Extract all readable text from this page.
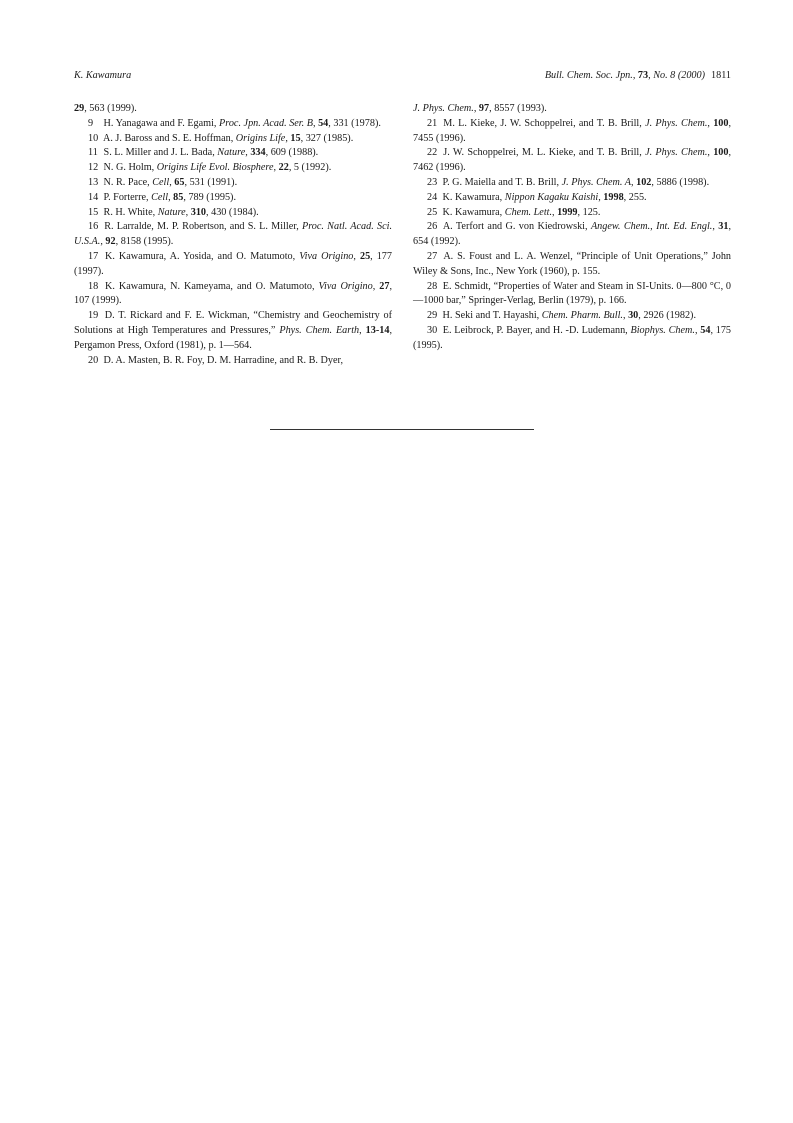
K. Kawamura	Bull. Chem. Soc. Jpn., 73, No. 8 (2000) 1811

29, 563 (1999).

9 H. Yanagawa and F. Egami, Proc. Jpn. Acad. Ser. B, 54, 331 (1978).

10 A. J. Baross and S. E. Hoffman, Origins Life, 15, 327 (1985).

11 S. L. Miller and J. L. Bada, Nature, 334, 609 (1988).

12 N. G. Holm, Origins Life Evol. Biosphere, 22, 5 (1992).

13 N. R. Pace, Cell, 65, 531 (1991).

14 P. Forterre, Cell, 85, 789 (1995).

15 R. H. White, Nature, 310, 430 (1984).

16 R. Larralde, M. P. Robertson, and S. L. Miller, Proc. Natl. Acad. Sci. U.S.A., 92, 8158 (1995).

17 K. Kawamura, A. Yosida, and O. Matumoto, Viva Origino, 25, 177 (1997).

18 K. Kawamura, N. Kameyama, and O. Matumoto, Viva Origino, 27, 107 (1999).

19 D. T. Rickard and F. E. Wickman, “Chemistry and Geochemistry of Solutions at High Temperatures and Pressures,” Phys. Chem. Earth, 13-14, Pergamon Press, Oxford (1981), p. 1—564.

20 D. A. Masten, B. R. Foy, D. M. Harradine, and R. B. Dyer,

J. Phys. Chem., 97, 8557 (1993).

21 M. L. Kieke, J. W. Schoppelrei, and T. B. Brill, J. Phys. Chem., 100, 7455 (1996).

22 J. W. Schoppelrei, M. L. Kieke, and T. B. Brill, J. Phys. Chem., 100, 7462 (1996).

23 P. G. Maiella and T. B. Brill, J. Phys. Chem. A, 102, 5886 (1998).

24 K. Kawamura, Nippon Kagaku Kaishi, 1998, 255.

25 K. Kawamura, Chem. Lett., 1999, 125.

26 A. Terfort and G. von Kiedrowski, Angew. Chem., Int. Ed. Engl., 31, 654 (1992).

27 A. S. Foust and L. A. Wenzel, “Principle of Unit Operations,” John Wiley & Sons, Inc., New York (1960), p. 155.

28 E. Schmidt, “Properties of Water and Steam in SI-Units. 0—800 °C, 0—1000 bar,” Springer-Verlag, Berlin (1979), p. 166.

29 H. Seki and T. Hayashi, Chem. Pharm. Bull., 30, 2926 (1982).

30 E. Leibrock, P. Bayer, and H. -D. Ludemann, Biophys. Chem., 54, 175 (1995).
